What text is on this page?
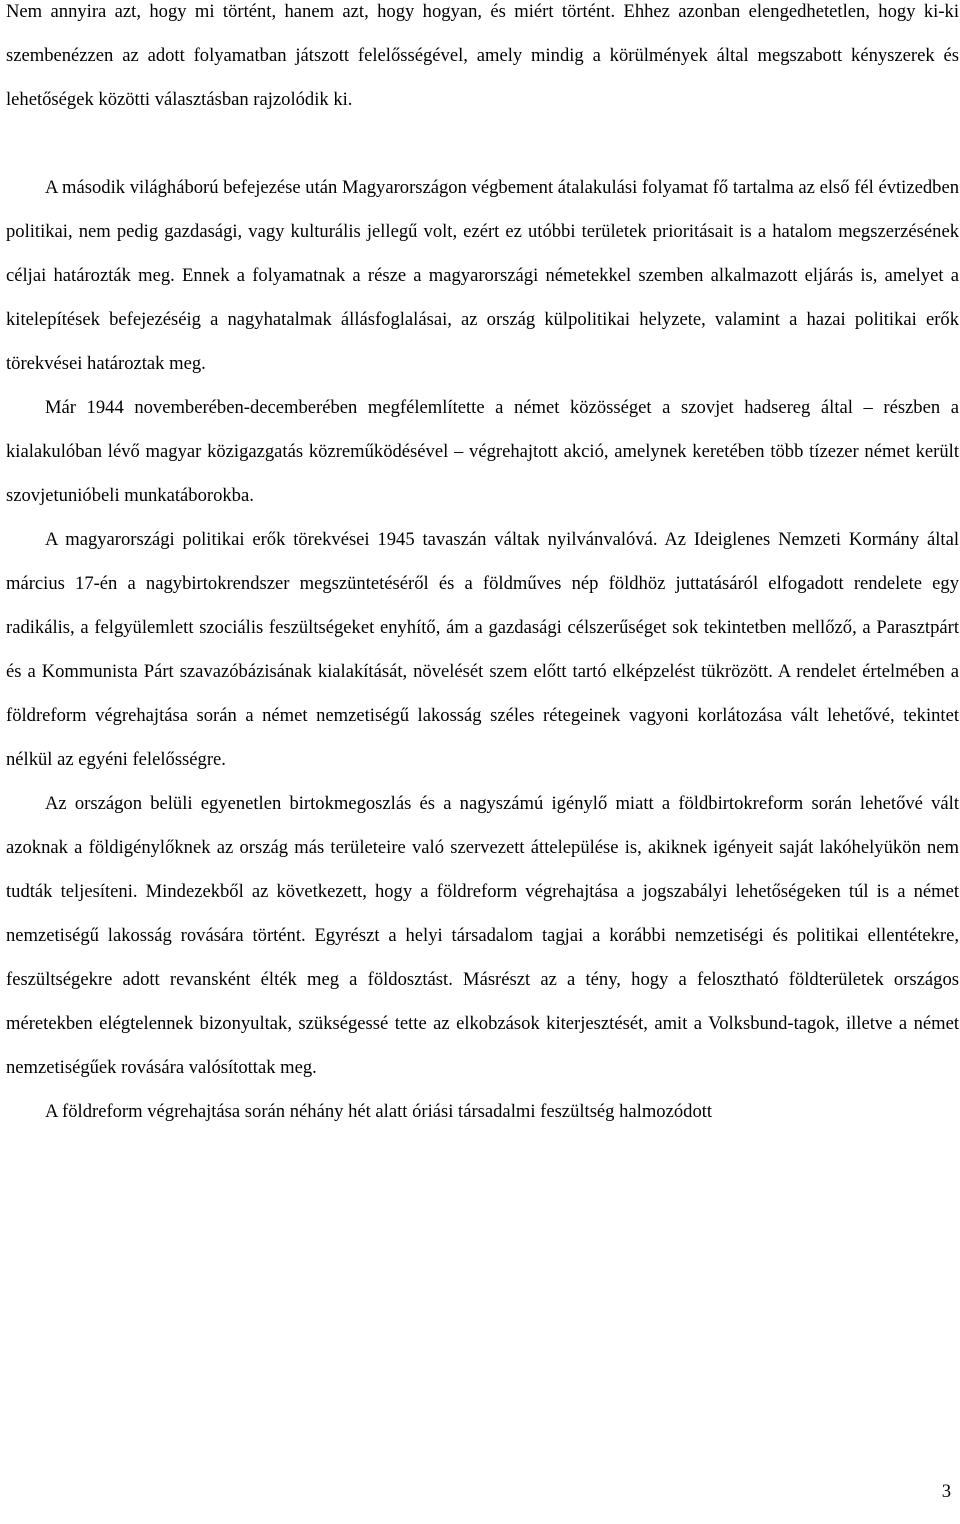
Nem annyira azt, hogy mi történt, hanem azt, hogy hogyan, és miért történt. Ehhez azonban elengedhetetlen, hogy ki-ki szembenézzen az adott folyamatban játszott felelősségével, amely mindig a körülmények által megszabott kényszerek és lehetőségek közötti választásban rajzolódik ki.

A második világháború befejezése után Magyarországon végbement átalakulási folyamat fő tartalma az első fél évtizedben politikai, nem pedig gazdasági, vagy kulturális jellegű volt, ezért ez utóbbi területek prioritásait is a hatalom megszerzésének céljai határozták meg. Ennek a folyamatnak a része a magyarországi németekkel szemben alkalmazott eljárás is, amelyet a kitelepítések befejezéséig a nagyhatalmak állásfoglalásai, az ország külpolitikai helyzete, valamint a hazai politikai erők törekvései határoztak meg.

Már 1944 novemberében-decemberében megfélemlítette a német közösséget a szovjet hadsereg által – részben a kialakulóban lévő magyar közigazgatás közreműködésével – végrehajtott akció, amelynek keretében több tízezer német került szovjetunióbeli munkatáborokba.

A magyarországi politikai erők törekvései 1945 tavaszán váltak nyilvánvalóvá. Az Ideiglenes Nemzeti Kormány által március 17-én a nagybirtokrendszer megszüntetéséről és a földműves nép földhöz juttatásáról elfogadott rendelete egy radikális, a felgyülemlett szociális feszültségeket enyhítő, ám a gazdasági célszerűséget sok tekintetben mellőző, a Parasztpárt és a Kommunista Párt szavazóbázisának kialakítását, növelését szem előtt tartó elképzelést tükrözött. A rendelet értelmében a földreform végrehajtása során a német nemzetiségű lakosság széles rétegeinek vagyoni korlátozása vált lehetővé, tekintet nélkül az egyéni felelősségre.

Az országon belüli egyenetlen birtokmegoszlás és a nagyszámú igénylő miatt a földbirtokreform során lehetővé vált azoknak a földigénylőknek az ország más területeire való szervezett áttelepülése is, akiknek igényeit saját lakóhelyükön nem tudták teljesíteni. Mindezekből az következett, hogy a földreform végrehajtása a jogszabályi lehetőségeken túl is a német nemzetiségű lakosság rovására történt. Egyrészt a helyi társadalom tagjai a korábbi nemzetiségi és politikai ellentétekre, feszültségekre adott revansként élték meg a földosztást. Másrészt az a tény, hogy a felosztható földterületek országos méretekben elégtelennek bizonyultak, szükségessé tette az elkobzások kiterjesztését, amit a Volksbund-tagok, illetve a német nemzetiségűek rovására valósítottak meg.

A földreform végrehajtása során néhány hét alatt óriási társadalmi feszültség halmozódott

3
